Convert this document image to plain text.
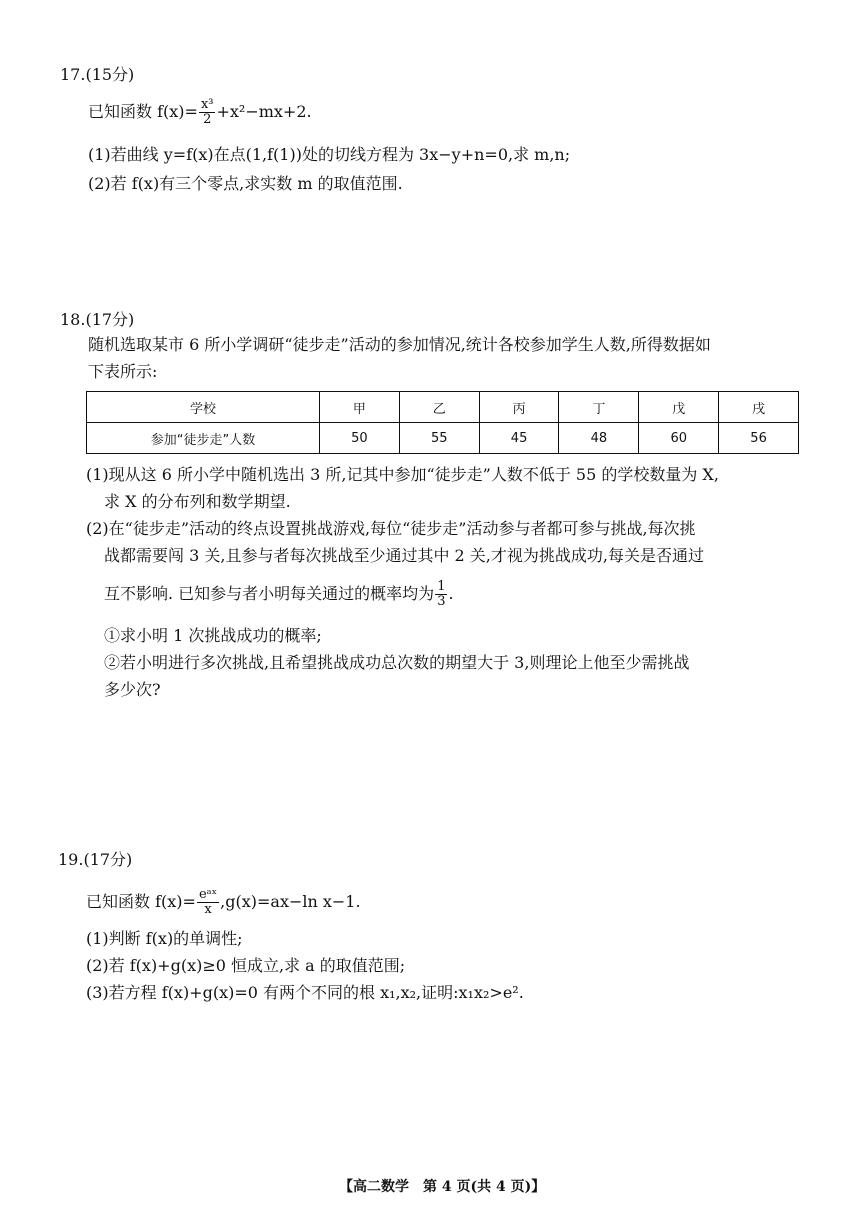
17.(15分)
已知函数 $f(x)= \frac{\text{x³}}{2} +x^2-mx+2$.
(1)若曲线 y=f(x)在点(1,f(1))处的切线方程为 3x−y+n=0,求 m,n;
(2)若 f(x)有三个零点,求实数 m 的取值范围.
18.(17分)
随机选取某市 6 所小学调研“徒步走”活动的参加情况,统计各校参加学生人数,所得数据如
下表所示:
学校	甲	乙	丙	丁	戊	戌
参加“徒步走”人数	50	55	45	48	60	56
(1)现从这 6 所小学中随机选出 3 所,记其中参加“徒步走”人数不低于 55 的学校数量为 X,
求 X 的分布列和数学期望.
(2)在“徒步走”活动的终点设置挑战游戏,每位“徒步走”活动参与者都可参与挑战,每次挑
战都需要闯 3 关,且参与者每次挑战至少通过其中 2 关,才视为挑战成功,每关是否通过
互不影响. 已知参与者小明每关通过的概率均为 $\frac{1}{3}$ .
①求小明 1 次挑战成功的概率;
②若小明进行多次挑战,且希望挑战成功总次数的期望大于 3,则理论上他至少需挑战
多少次?
19.(17分)
已知函数 $f(x)= \frac{\text{eᵃˣ}}{x} ,g(x)=ax-\ln$ x−1.
(1)判断 f(x)的单调性;
(2)若 f(x)+g(x)≥0 恒成立,求 a 的取值范围;
(3)若方程 f(x)+g(x)=0 有两个不同的根 x₁,x₂,证明:x₁x₂>e².
【高二数学　第 4 页(共 4 页)】
